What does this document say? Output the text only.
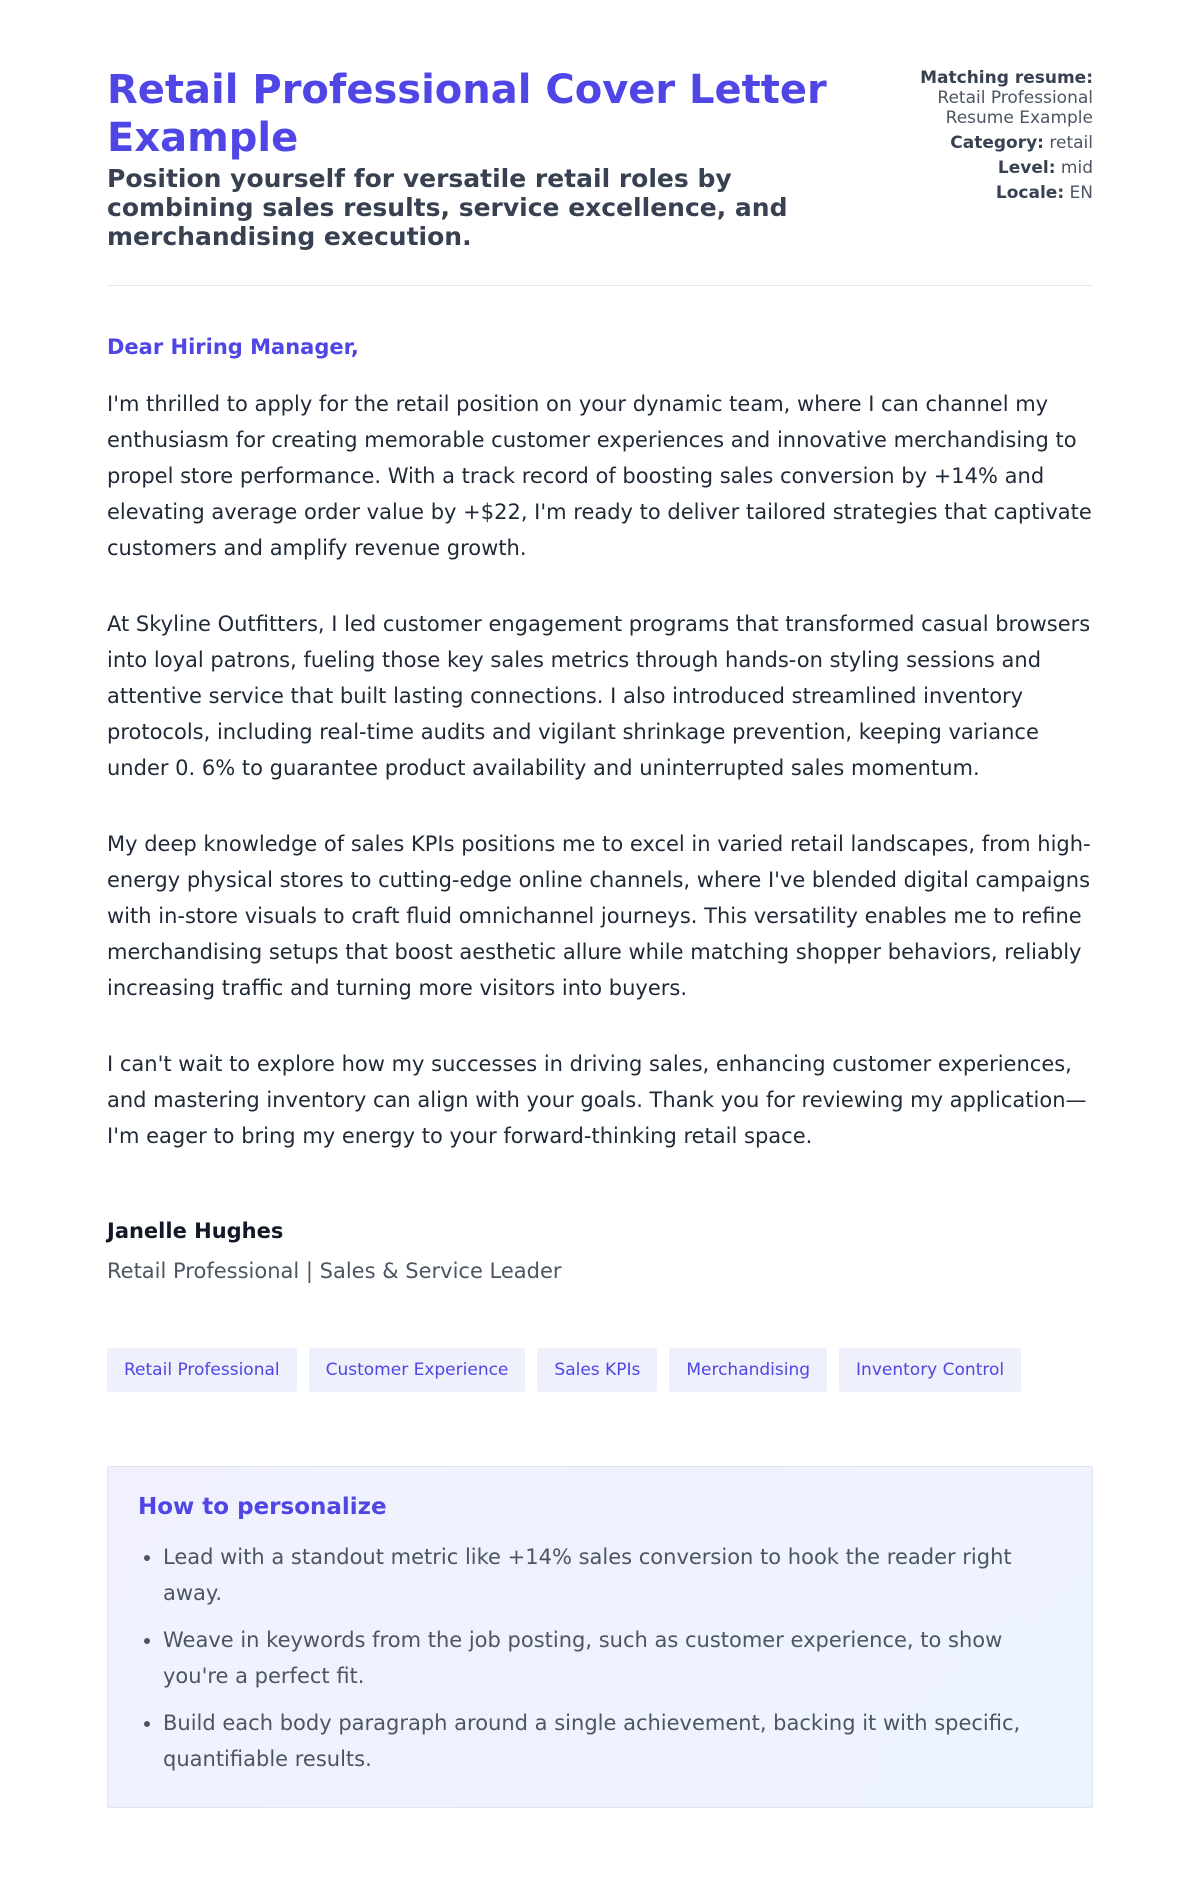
Retail Professional Cover Letter Example
Position yourself for versatile retail roles by combining sales results, service excellence, and merchandising execution.
Matching resume:
Retail Professional Resume Example
Category: retail
Level: mid
Locale: EN

Dear Hiring Manager,

I'm thrilled to apply for the retail position on your dynamic team, where I can channel my enthusiasm for creating memorable customer experiences and innovative merchandising to propel store performance. With a track record of boosting sales conversion by +14% and elevating average order value by +$22, I'm ready to deliver tailored strategies that captivate customers and amplify revenue growth.

At Skyline Outfitters, I led customer engagement programs that transformed casual browsers into loyal patrons, fueling those key sales metrics through hands-on styling sessions and attentive service that built lasting connections. I also introduced streamlined inventory protocols, including real-time audits and vigilant shrinkage prevention, keeping variance under 0. 6% to guarantee product availability and uninterrupted sales momentum.

My deep knowledge of sales KPIs positions me to excel in varied retail landscapes, from high-energy physical stores to cutting-edge online channels, where I've blended digital campaigns with in-store visuals to craft fluid omnichannel journeys. This versatility enables me to refine merchandising setups that boost aesthetic allure while matching shopper behaviors, reliably increasing traffic and turning more visitors into buyers.

I can't wait to explore how my successes in driving sales, enhancing customer experiences, and mastering inventory can align with your goals. Thank you for reviewing my application—I'm eager to bring my energy to your forward-thinking retail space.

Janelle Hughes

Retail Professional | Sales & Service Leader

Retail Professional	Customer Experience	Sales KPIs	Merchandising	Inventory Control
How to personalize
• Lead with a standout metric like +14% sales conversion to hook the reader right away.
• Weave in keywords from the job posting, such as customer experience, to show you're a perfect fit.
• Build each body paragraph around a single achievement, backing it with specific, quantifiable results.
